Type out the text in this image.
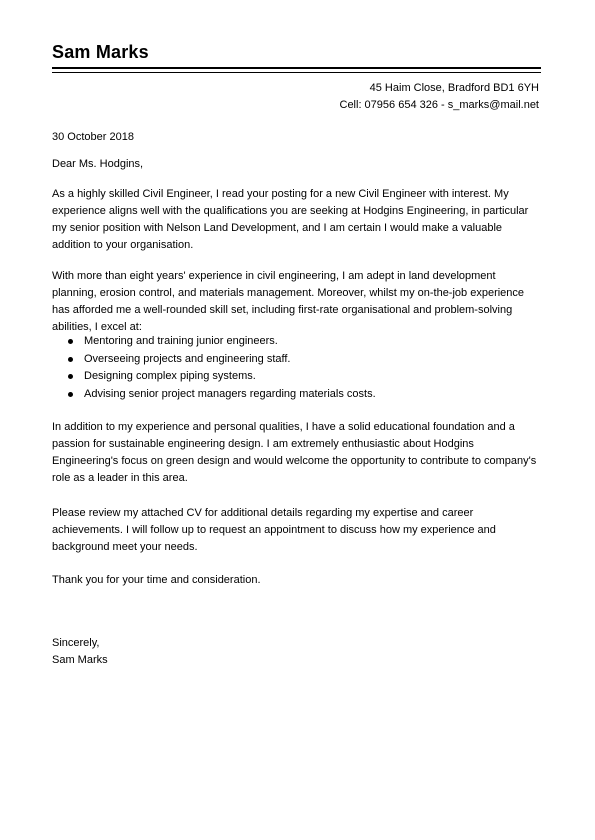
Sam Marks
45 Haim Close, Bradford BD1 6YH
Cell: 07956 654 326 - s_marks@mail.net

30 October 2018

Dear Ms. Hodgins,

As a highly skilled Civil Engineer, I read your posting for a new Civil Engineer with interest. My experience aligns well with the qualifications you are seeking at Hodgins Engineering, in particular my senior position with Nelson Land Development, and I am certain I would make a valuable addition to your organisation.

With more than eight years' experience in civil engineering, I am adept in land development planning, erosion control, and materials management. Moreover, whilst my on-the-job experience has afforded me a well-rounded skill set, including first-rate organisational and problem-solving abilities, I excel at:

Mentoring and training junior engineers.
Overseeing projects and engineering staff.
Designing complex piping systems.
Advising senior project managers regarding materials costs.

In addition to my experience and personal qualities, I have a solid educational foundation and a passion for sustainable engineering design. I am extremely enthusiastic about Hodgins Engineering's focus on green design and would welcome the opportunity to contribute to company's role as a leader in this area.

Please review my attached CV for additional details regarding my expertise and career achievements. I will follow up to request an appointment to discuss how my experience and background meet your needs.

Thank you for your time and consideration.

Sincerely,

Sam Marks
